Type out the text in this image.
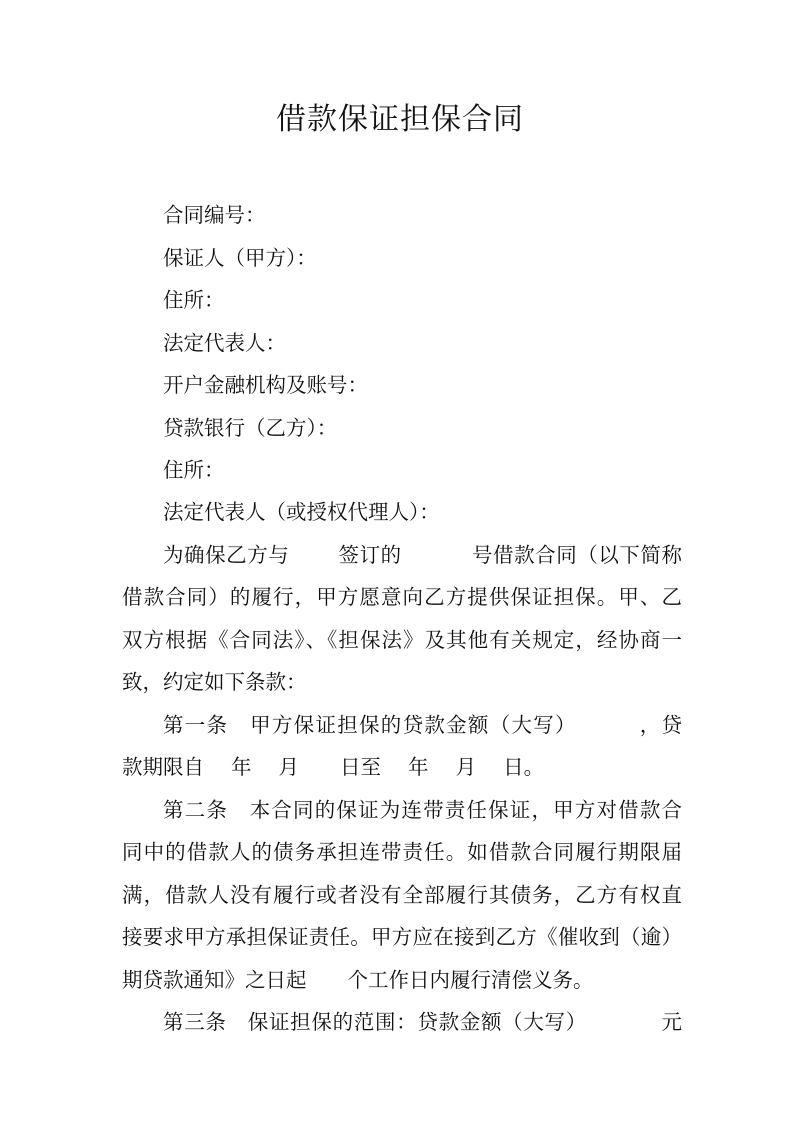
借款保证担保合同
合同编号：
保证人（甲方）：
住所：
法定代表人：
开户金融机构及账号：
贷款银行（乙方）：
住所：
法定代表人（或授权代理人）：
为确保乙方与　　 签订的　　　 号借款合同（以下简称
借款合同）的履行，甲方愿意向乙方提供保证担保。甲、乙
双方根据《合同法》、《担保法》及其他有关规定，经协商一
致，约定如下条款：
第一条　甲方保证担保的贷款金额（大写）　　　 ，贷
款期限自　 年　 月　　日至　 年　 月　 日。
第二条　本合同的保证为连带责任保证，甲方对借款合
同中的借款人的债务承担连带责任。如借款合同履行期限届
满，借款人没有履行或者没有全部履行其债务，乙方有权直
接要求甲方承担保证责任。甲方应在接到乙方《催收到（逾）
期贷款通知》之日起　　个工作日内履行清偿义务。
第三条　保证担保的范围：贷款金额（大写）　　　　元
